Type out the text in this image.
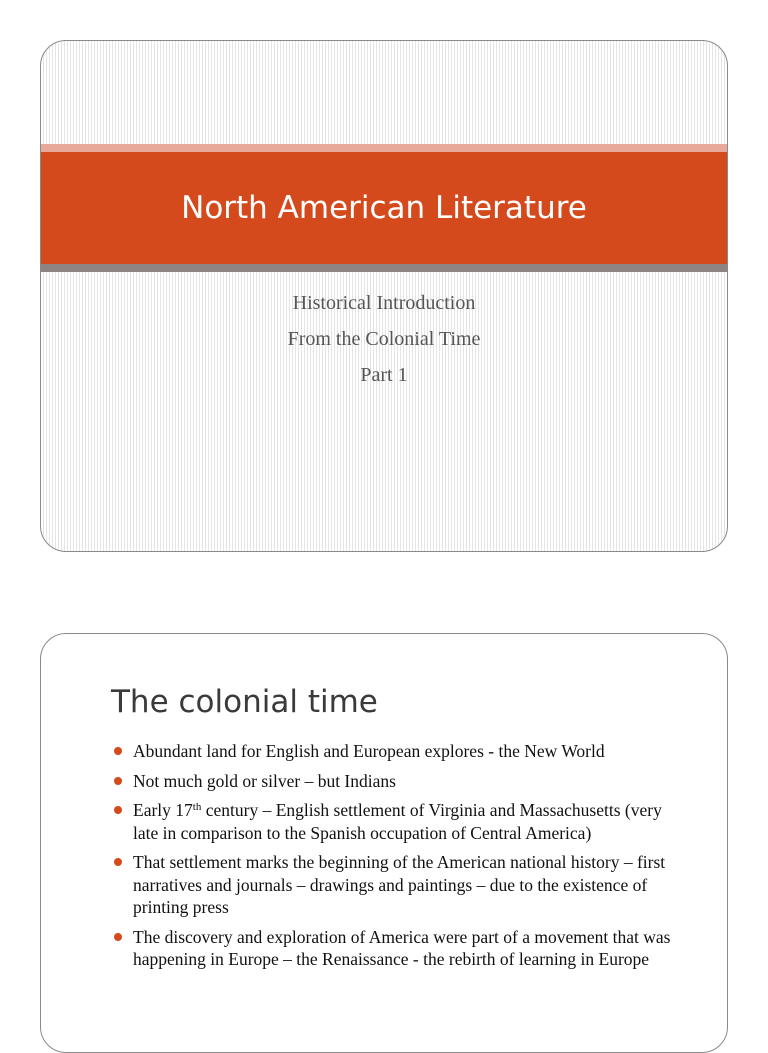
North American Literature
Historical Introduction
From the Colonial Time
Part 1
The colonial time
Abundant land for English and European explores - the New World
Not much gold or silver – but Indians
Early 17th century – English settlement of Virginia and Massachusetts (very late in comparison to the Spanish occupation of Central America)
That settlement marks the beginning of the American national history – first narratives and journals – drawings and paintings – due to the existence of printing press
The discovery and exploration of America were part of a movement that was happening in Europe – the Renaissance - the rebirth of learning in Europe
